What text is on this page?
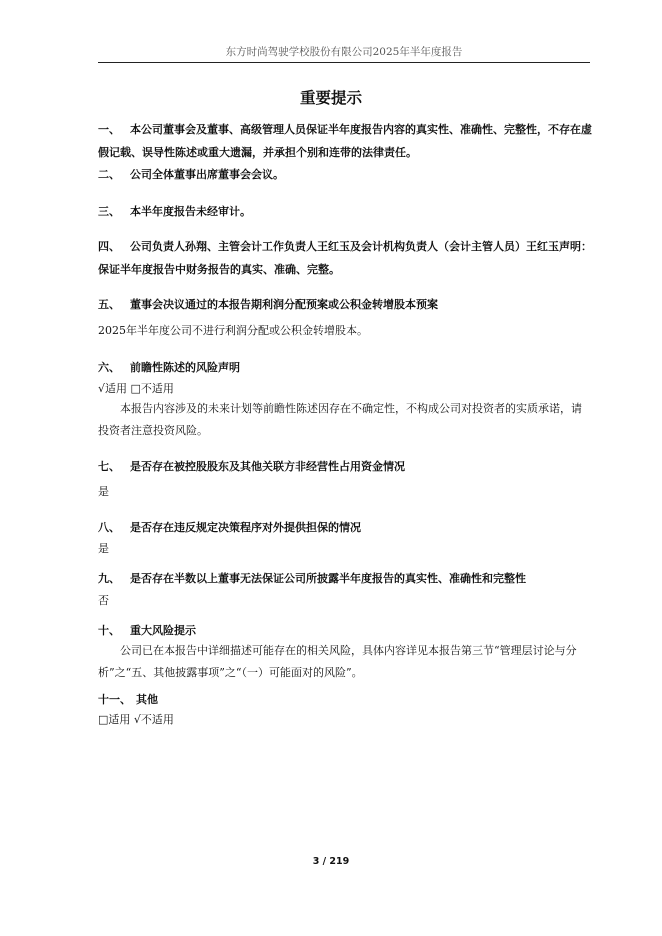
东方时尚驾驶学校股份有限公司2025年半年度报告
重要提示
一、 本公司董事会及董事、高级管理人员保证半年度报告内容的真实性、准确性、完整性，不存在虚假记载、误导性陈述或重大遗漏，并承担个别和连带的法律责任。
二、 公司全体董事出席董事会会议。
三、 本半年度报告未经审计。
四、 公司负责人孙翔、主管会计工作负责人王红玉及会计机构负责人（会计主管人员）王红玉声明：保证半年度报告中财务报告的真实、准确、完整。
五、 董事会决议通过的本报告期利润分配预案或公积金转增股本预案
2025年半年度公司不进行利润分配或公积金转增股本。
六、 前瞻性陈述的风险声明
√适用 □不适用
本报告内容涉及的未来计划等前瞻性陈述因存在不确定性，不构成公司对投资者的实质承诺，请投资者注意投资风险。
七、 是否存在被控股股东及其他关联方非经营性占用资金情况
是
八、 是否存在违反规定决策程序对外提供担保的情况
是
九、 是否存在半数以上董事无法保证公司所披露半年度报告的真实性、准确性和完整性
否
十、 重大风险提示
公司已在本报告中详细描述可能存在的相关风险，具体内容详见本报告第三节“管理层讨论与分析”之“五、其他披露事项”之“（一）可能面对的风险”。
十一、 其他
□适用 √不适用
3 / 219
